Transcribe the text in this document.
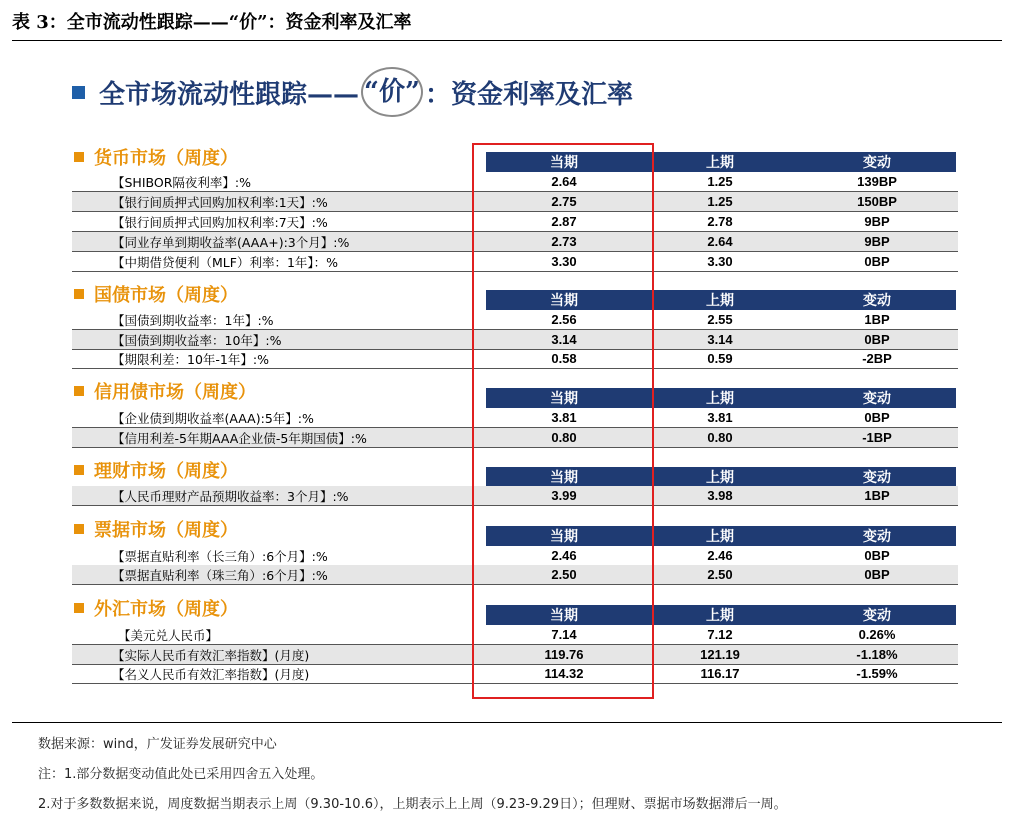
表 3：全市流动性跟踪——“价”：资金利率及汇率
全市场流动性跟踪—— “价” ：资金利率及汇率
货币市场（周度）	当期	上期	变动
【SHIBOR隔夜利率】:%	2.64	1.25	139BP
【银行间质押式回购加权利率:1天】:%	2.75	1.25	150BP
【银行间质押式回购加权利率:7天】:%	2.87	2.78	9BP
【同业存单到期收益率(AAA+):3个月】:%	2.73	2.64	9BP
【中期借贷便利（MLF）利率：1年】：%	3.30	3.30	0BP
国债市场（周度）	当期	上期	变动
【国债到期收益率：1年】:%	2.56	2.55	1BP
【国债到期收益率：10年】:%	3.14	3.14	0BP
【期限利差：10年-1年】:%	0.58	0.59	-2BP
信用债市场（周度）	当期	上期	变动
【企业债到期收益率(AAA):5年】:%	3.81	3.81	0BP
【信用利差-5年期AAA企业债-5年期国债】:%	0.80	0.80	-1BP
理财市场（周度）	当期	上期	变动
【人民币理财产品预期收益率：3个月】:%	3.99	3.98	1BP
票据市场（周度）	当期	上期	变动
【票据直贴利率（长三角）:6个月】:%	2.46	2.46	0BP
【票据直贴利率（珠三角）:6个月】:%	2.50	2.50	0BP
外汇市场（周度）	当期	上期	变动
【美元兑人民币】	7.14	7.12	0.26%
【实际人民币有效汇率指数】(月度)	119.76	121.19	-1.18%
【名义人民币有效汇率指数】(月度)	114.32	116.17	-1.59%
数据来源：wind，广发证券发展研究中心
注：1.部分数据变动值此处已采用四舍五入处理。
2.对于多数数据来说，周度数据当期表示上周（9.30-10.6），上期表示上上周（9.23-9.29日）；但理财、票据市场数据滞后一周。
